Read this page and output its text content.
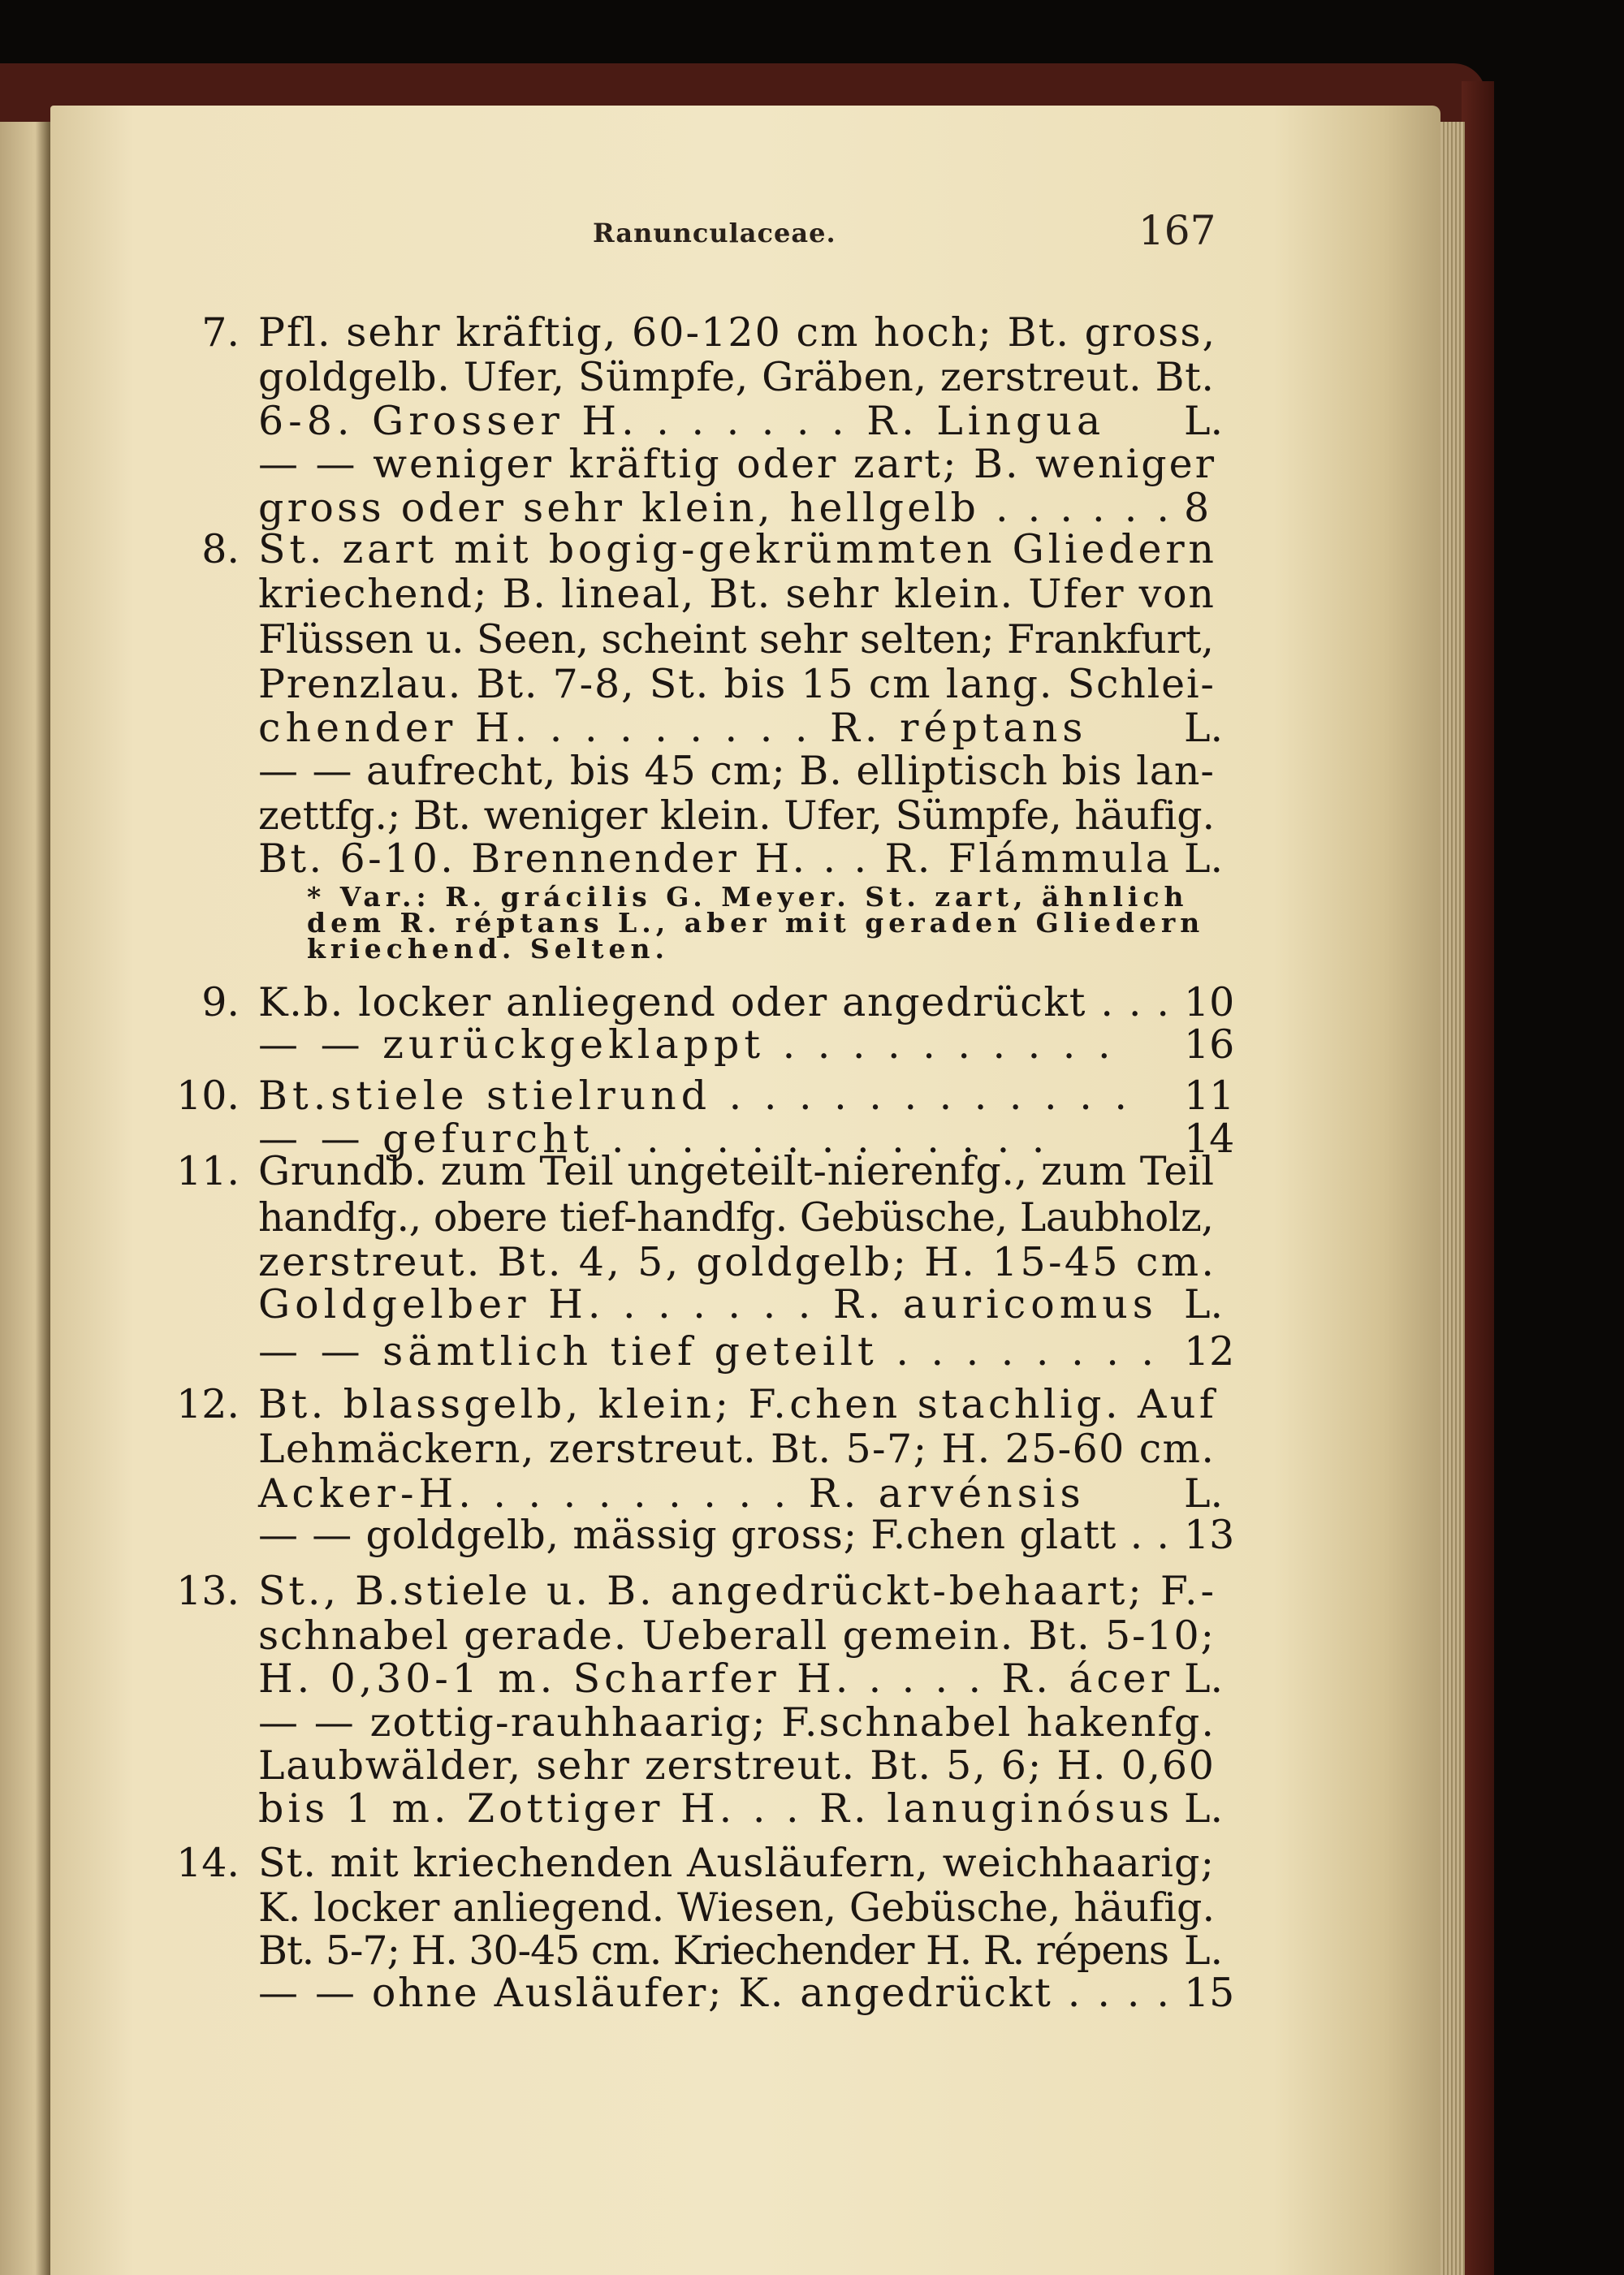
Ranunculaceae.	167
7. Pfl. sehr kräftig, 60-120 cm hoch; Bt. gross,
goldgelb. Ufer, Sümpfe, Gräben, zerstreut. Bt.
6-8. Grosser H. . . . . . . R. Lingua L.
— — weniger kräftig oder zart; B. weniger
gross oder sehr klein, hellgelb . . . . . . 8
8. St. zart mit bogig-gekrümmten Gliedern
kriechend; B. lineal, Bt. sehr klein. Ufer von
Flüssen u. Seen, scheint sehr selten; Frankfurt,
Prenzlau. Bt. 7-8, St. bis 15 cm lang. Schlei-
chender H. . . . . . . . . R. réptans L.
— — aufrecht, bis 45 cm; B. elliptisch bis lan-
zettfg.; Bt. weniger klein. Ufer, Sümpfe, häufig.
Bt. 6-10. Brennender H. . . R. Flámmula L.
* Var.: R. grácilis G. Meyer. St. zart, ähnlich
dem R. réptans L., aber mit geraden Gliedern
kriechend. Selten.
9. K.b. locker anliegend oder angedrückt . . . 10
— — zurückgeklappt . . . . . . . . . . 16
10. Bt.stiele stielrund . . . . . . . . . . . . 11
— — gefurcht . . . . . . . . . . . . .	14
11. Grundb. zum Teil ungeteilt-nierenfg., zum Teil
handfg., obere tief-handfg. Gebüsche, Laubholz,
zerstreut. Bt. 4, 5, goldgelb; H. 15-45 cm.
Goldgelber H. . . . . . . R. auricomus L.
— — sämtlich tief geteilt . . . . . . . . 12
12. Bt. blassgelb, klein; F.chen stachlig. Auf
Lehmäckern, zerstreut. Bt. 5-7; H. 25-60 cm.
Acker-H. . . . . . . . . . R. arvénsis L.
— — goldgelb, mässig gross; F.chen glatt . . 13
13. St., B.stiele u. B. angedrückt-behaart; F.-
schnabel gerade. Ueberall gemein. Bt. 5-10;
H. 0,30-1 m. Scharfer H. . . . . R. ácer L.
— — zottig-rauhhaarig; F.schnabel hakenfg.
Laubwälder, sehr zerstreut. Bt. 5, 6; H. 0,60
bis 1 m. Zottiger H. . . R. lanuginósus L.
14. St. mit kriechenden Ausläufern, weichhaarig;
K. locker anliegend. Wiesen, Gebüsche, häufig.
Bt. 5-7; H. 30-45 cm. Kriechender H. R. répens L.
— — ohne Ausläufer; K. angedrückt . . . . 15
